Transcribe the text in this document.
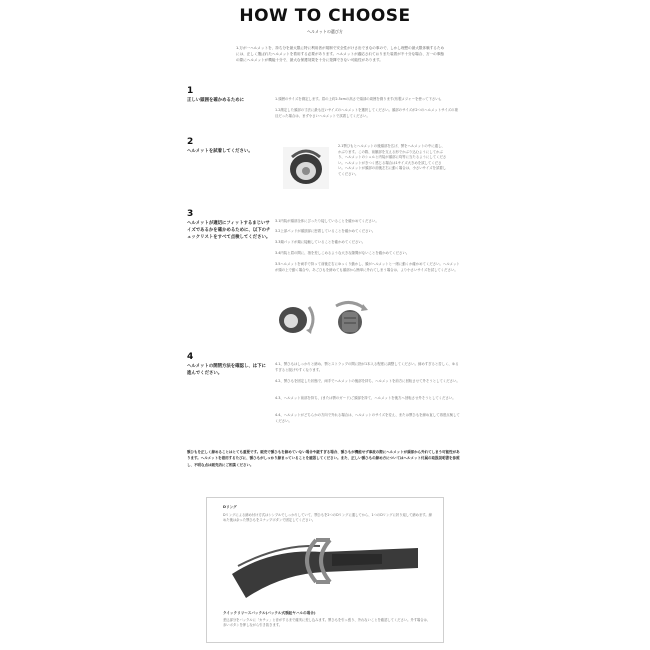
HOW TO CHOOSE
ヘルメットの選び方
1.万が一ヘルメットを、持ち分を最大限に特に利用者が規制で安全性がけさ出でまなの事ので、しかし理想の最大限体験するためには、正しく選ばれたヘルメットを着用する必要があります。ヘルメットが適応されておりまた装着が不十分な場合、万一の事態の際にヘルメットが機能十分で、最大な保護効果を十分に発揮できない可能性があります。
1
正しい頭囲を確かめるために	1.頭囲のサイズを測定します。眉の上約2.5cmの高さで頭部の周囲を測ります(布製メジャーを使って下さい)。
1.2測定した頭部の寸法に最も近いサイズのヘルメットを選択してください。頭部のサイズが2つのヘルメットサイズの境目だった場合は、まず小さいヘルメットで試着してください。
2
ヘルメットを試着してください。
2.1顎ひもとヘルメットの後頭部を広げ、顎をヘルメットの中に通し、かぶります。この際、前額部を支える形でかぶり込むようにしてかぶり、ヘルメットのシェルと内装が頭部に均等に当たるようにしてください。ヘルメットがきつく感じる場合は1サイズ大きめを試してください。ヘルメットが頭部の前後左右に動く場合は、小さいサイズを試着してください。
3
ヘルメットが適切にフィットするまじいサイズであるかを確かめるために、以下のチェックリストをすべて点検してください。
3.1内装が頭部全体にぴったり接していることを確かめてください。
3.2上部パッドが頭頂部に密着していることを確かめてください。
3.3頬パッドが頬に接触していることを確かめてください。
3.4内装と眉の間に、指を差しこめるような大きな隙間がないことを確かめてください。
3.5ヘルメットを両手で持って前後左右にゆっくり動かし、頭がヘルメットと一緒に動くか確かめてください。ヘルメットが頭の上で動く場合や、あごひもを締めても頭部から簡単に外れてしまう場合は、より小さいサイズを試してください。
4
ヘルメットの開閉方法を確認し、は下に進んでください。
4.1、顎ひもはしっかりと締め、顎とストラップの間に指が1本入る程度に調整してください。締めすぎると苦しく、ゆるすぎると脱げやすくなります。
4.2、顎ひもを固定した状態で、両手でヘルメットの後部を持ち、ヘルメットを前方に回転させて外そうとしてください。
4.3、ヘルメット前部を持ち、(または顎のガード)ご頭部を持て、ヘルメットを後方へ回転させ外そうとしてください。
4.4、ヘルメットがどちらかの方向で外れる場合は、ヘルメットのサイズを変え、または顎ひもを締め直して再度点検してください。
顎ひもを正しく締めることはとても重要です。販売で顎ひもを締めていない場合や緩すぎる場合、顎ひもが機能せず事故の際にヘルメットが頭部から外れてしまう可能性があります。ヘルメットを着用するたびに、顎ひもがしっかり締まっていることを確認してください。また、正しい顎ひもの締め方についてはヘルメット付属の取扱説明書を参照し、不明な点は販売店にご相談ください。
Dリング
Dリングによる締め付け方式はシンプルでしっかりしていて、顎ひもを2つのDリングに通してから、1つのDリングに折り返して締めます。締めた後は余った顎ひもをスナップボタンで固定してください。
クイックリリースバックル(バックル式顎紐ヤハルの場合)
差込部分をバックルに「カチッ」と音がするまで確実に差し込みます。顎ひもを引っ張り、外れないことを確認してください。外す場合は、赤いボタンを押しながら引き抜きます。
